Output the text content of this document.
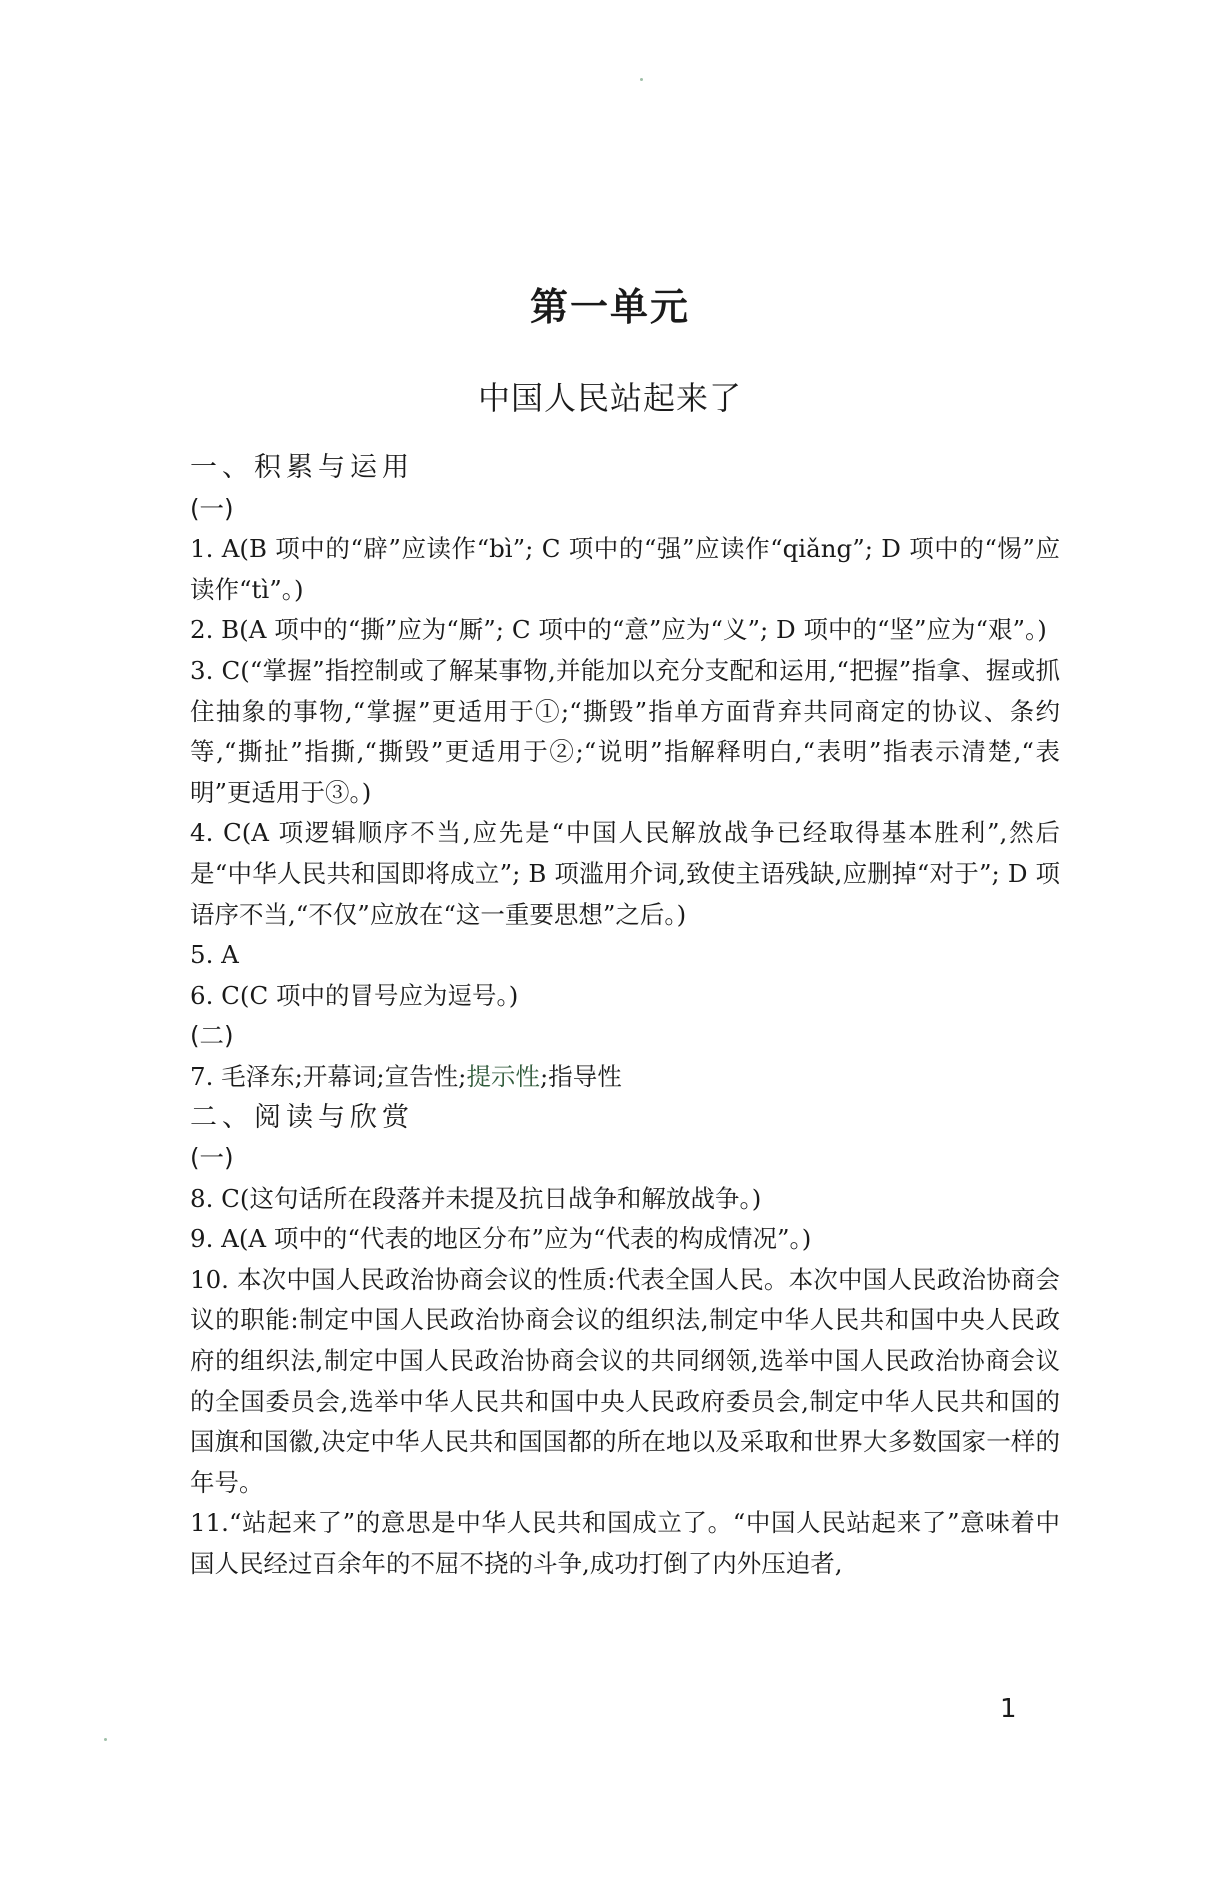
第一单元
中国人民站起来了

一、积累与运用

(一)

1. A(B 项中的“辟”应读作“bì”; C 项中的“强”应读作“qiǎng”; D 项中的“惕”应读作“tì”。)

2. B(A 项中的“撕”应为“厮”; C 项中的“意”应为“义”; D 项中的“坚”应为“艰”。)

3. C(“掌握”指控制或了解某事物,并能加以充分支配和运用,“把握”指拿、握或抓住抽象的事物,“掌握”更适用于①;“撕毁”指单方面背弃共同商定的协议、条约等,“撕扯”指撕,“撕毁”更适用于②;“说明”指解释明白,“表明”指表示清楚,“表明”更适用于③。)

4. C(A 项逻辑顺序不当,应先是“中国人民解放战争已经取得基本胜利”,然后是“中华人民共和国即将成立”; B 项滥用介词,致使主语残缺,应删掉“对于”; D 项语序不当,“不仅”应放在“这一重要思想”之后。)

5. A

6. C(C 项中的冒号应为逗号。)

(二)

7. 毛泽东;开幕词;宣告性;提示性;指导性

二、阅读与欣赏

(一)

8. C(这句话所在段落并未提及抗日战争和解放战争。)

9. A(A 项中的“代表的地区分布”应为“代表的构成情况”。)

10. 本次中国人民政治协商会议的性质:代表全国人民。本次中国人民政治协商会议的职能:制定中国人民政治协商会议的组织法,制定中华人民共和国中央人民政府的组织法,制定中国人民政治协商会议的共同纲领,选举中国人民政治协商会议的全国委员会,选举中华人民共和国中央人民政府委员会,制定中华人民共和国的国旗和国徽,决定中华人民共和国国都的所在地以及采取和世界大多数国家一样的年号。

11.“站起来了”的意思是中华人民共和国成立了。“中国人民站起来了”意味着中国人民经过百余年的不屈不挠的斗争,成功打倒了内外压迫者,

1
